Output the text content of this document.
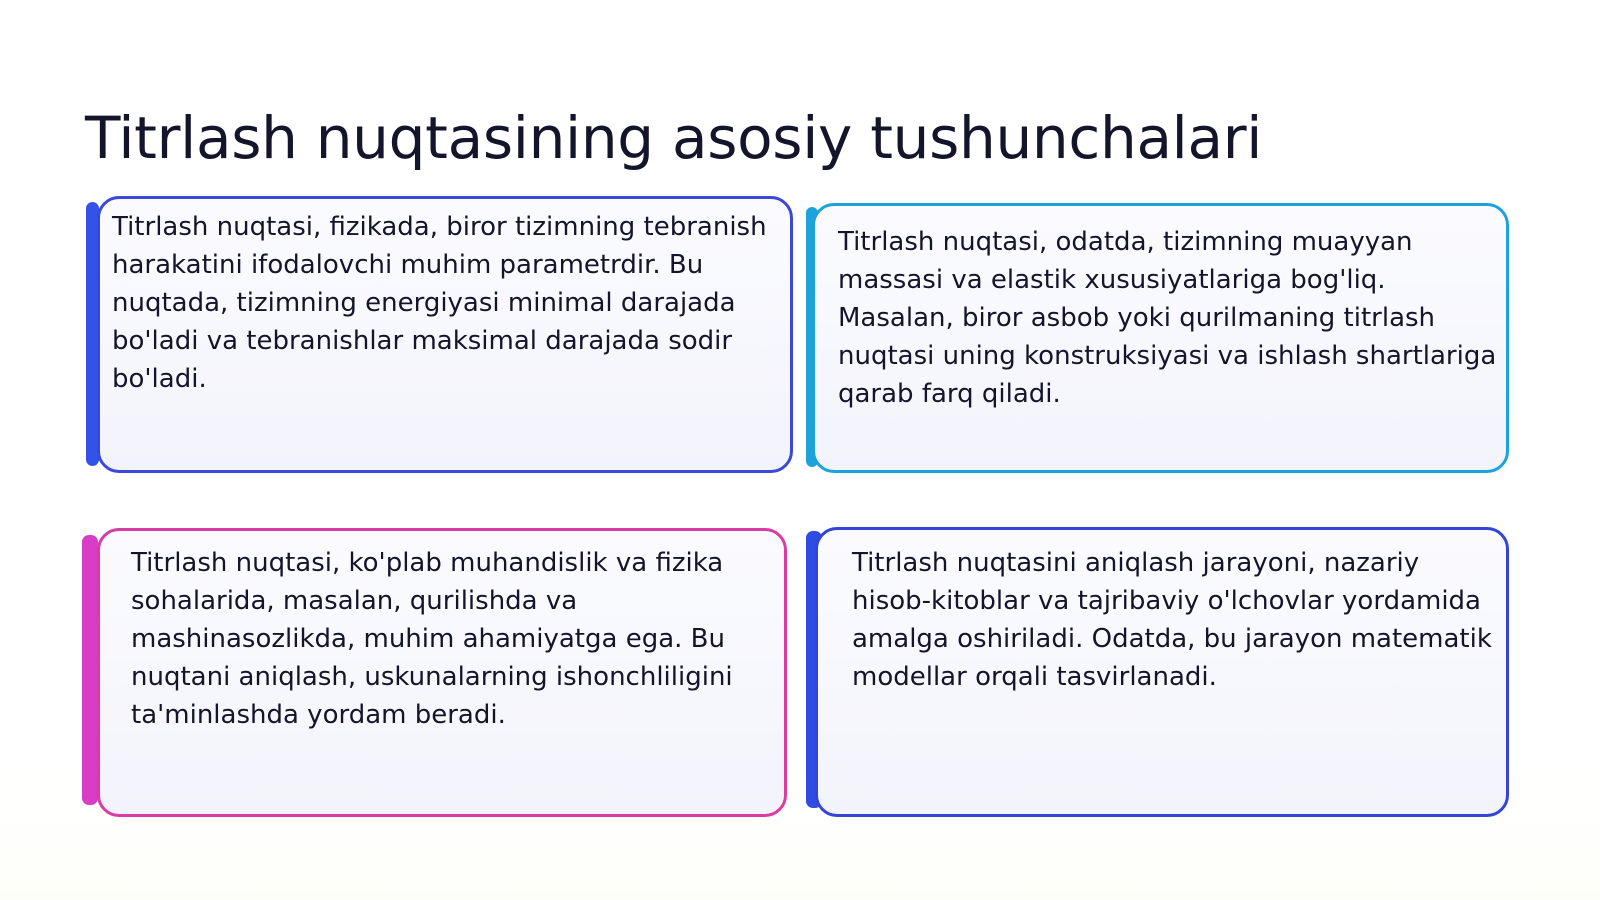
Titrlash nuqtasining asosiy tushunchalari

Titrlash nuqtasi, fizikada, biror tizimning tebranish harakatini ifodalovchi muhim parametrdir. Bu nuqtada, tizimning energiyasi minimal darajada bo'ladi va tebranishlar maksimal darajada sodir bo'ladi.

Titrlash nuqtasi, odatda, tizimning muayyan massasi va elastik xususiyatlariga bog'liq. Masalan, biror asbob yoki qurilmaning titrlash nuqtasi uning konstruksiyasi va ishlash shartlariga qarab farq qiladi.

Titrlash nuqtasi, ko'plab muhandislik va fizika sohalarida, masalan, qurilishda va mashinasozlikda, muhim ahamiyatga ega. Bu nuqtani aniqlash, uskunalarning ishonchliligini ta'minlashda yordam beradi.

Titrlash nuqtasini aniqlash jarayoni, nazariy hisob-kitoblar va tajribaviy o'lchovlar yordamida amalga oshiriladi. Odatda, bu jarayon matematik modellar orqali tasvirlanadi.
